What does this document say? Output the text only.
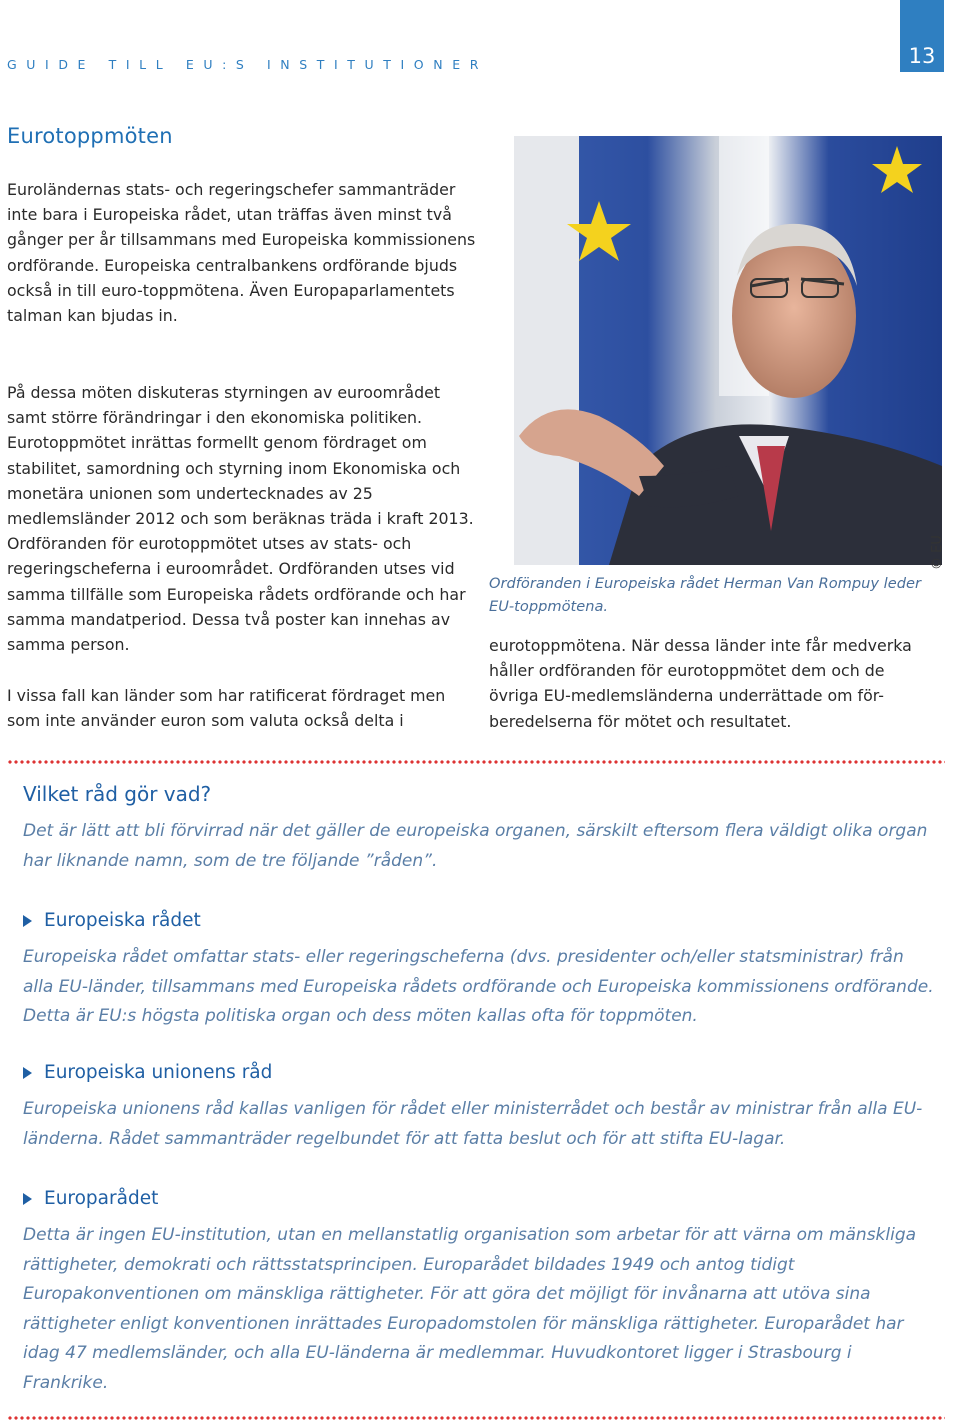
GUIDE TILL EU:S INSTITUTIONER	13
Eurotoppmöten

Euroländernas stats- och regeringschefer sammanträder inte bara i Europeiska rådet, utan träffas även minst två gånger per år tillsammans med Europeiska kommissionens ordförande. Europeiska centralbankens ordförande bjuds också in till euro-toppmötena. Även Europaparlamentets talman kan bjudas in.

På dessa möten diskuteras styrningen av euroområdet samt större förändringar i den ekonomiska politiken. Eurotoppmötet inrättas formellt genom fördraget om stabilitet, samordning och styrning inom Ekonomiska och monetära unionen som undertecknades av 25 medlemsländer 2012 och som beräknas träda i kraft 2013. Ordföranden för eurotoppmötet utses av stats- och regeringscheferna i euroområdet. Ordföranden utses vid samma tillfälle som Europeiska rådets ordförande och har samma mandatperiod. Dessa två poster kan innehas av samma person.

I vissa fall kan länder som har ratificerat fördraget men som inte använder euron som valuta också delta i

© EU
Ordföranden i Europeiska rådet Herman Van Rompuy leder EU-toppmötena.

eurotoppmötena. När dessa länder inte får medverka håller ordföranden för eurotoppmötet dem och de övriga EU-medlemsländerna underrättade om för-beredelserna för mötet och resultatet.

Vilket råd gör vad?

Det är lätt att bli förvirrad när det gäller de europeiska organen, särskilt eftersom flera väldigt olika organ har liknande namn, som de tre följande ”råden”.

Europeiska rådet

Europeiska rådet omfattar stats- eller regeringscheferna (dvs. presidenter och/eller statsministrar) från alla EU-länder, tillsammans med Europeiska rådets ordförande och Europeiska kommissionens ordförande. Detta är EU:s högsta politiska organ och dess möten kallas ofta för toppmöten.

Europeiska unionens råd

Europeiska unionens råd kallas vanligen för rådet eller ministerrådet och består av ministrar från alla EU-länderna. Rådet sammanträder regelbundet för att fatta beslut och för att stifta EU-lagar.

Europarådet

Detta är ingen EU-institution, utan en mellanstatlig organisation som arbetar för att värna om mänskliga rättigheter, demokrati och rättsstatsprincipen. Europarådet bildades 1949 och antog tidigt Europakonventionen om mänskliga rättigheter. För att göra det möjligt för invånarna att utöva sina rättigheter enligt konventionen inrättades Europadomstolen för mänskliga rättigheter. Europarådet har idag 47 medlemsländer, och alla EU-länderna är medlemmar. Huvudkontoret ligger i Strasbourg i Frankrike.
